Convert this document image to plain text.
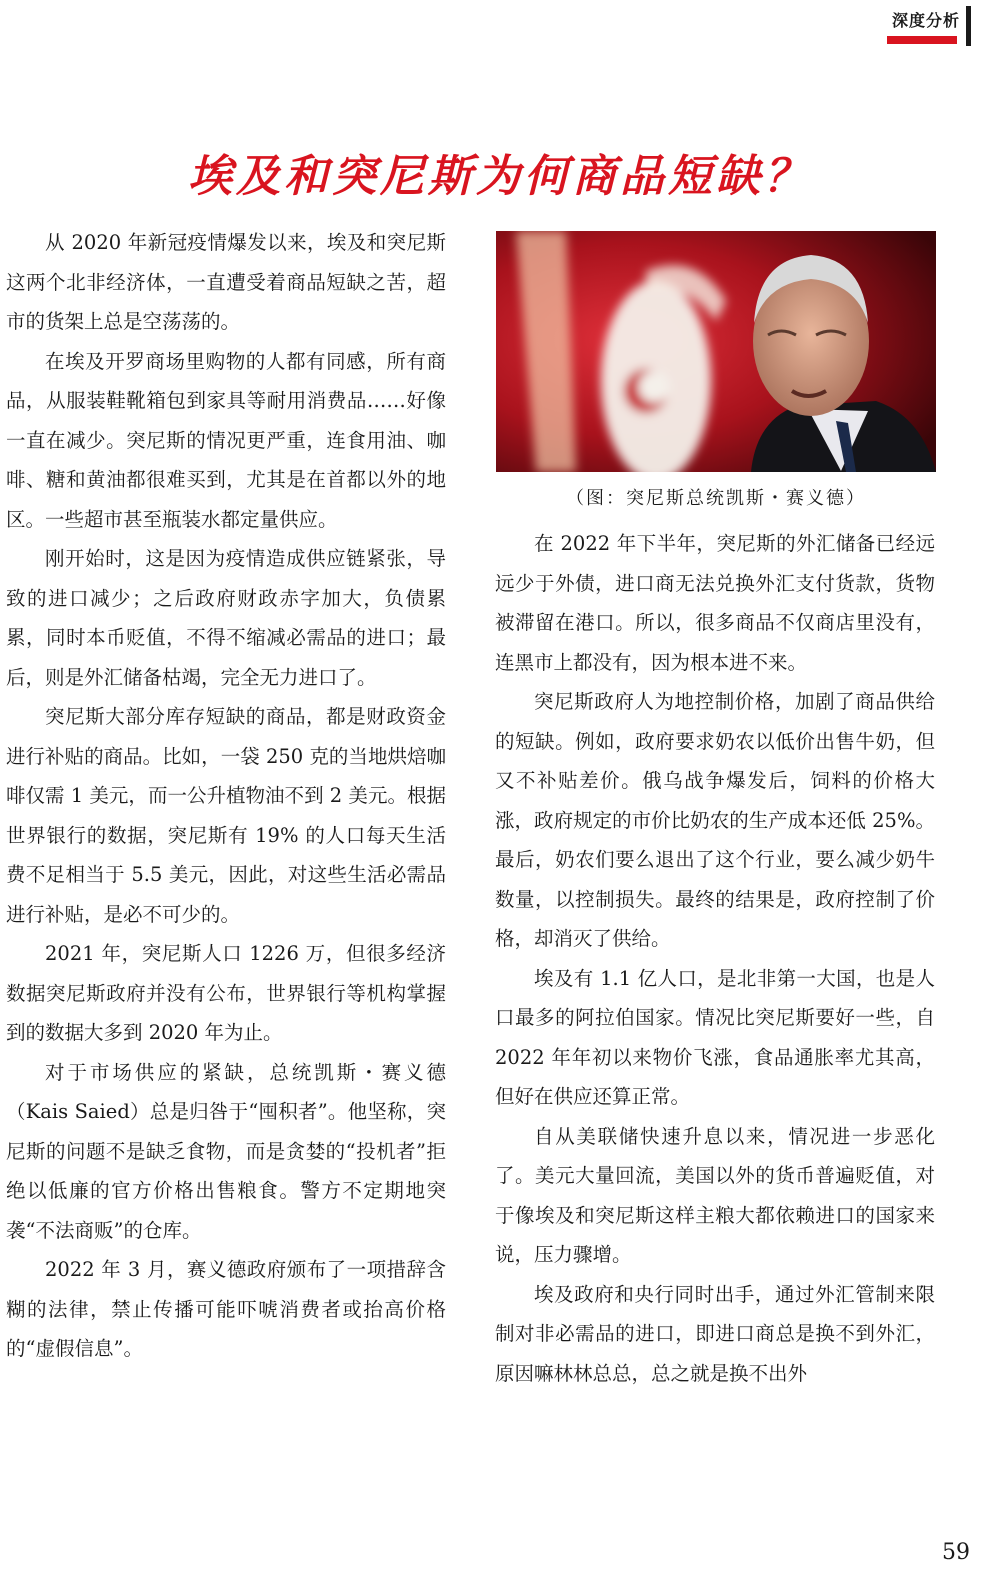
深度分析
埃及和突尼斯为何商品短缺？

从 2020 年新冠疫情爆发以来，埃及和突尼斯这两个北非经济体，一直遭受着商品短缺之苦，超市的货架上总是空荡荡的。

在埃及开罗商场里购物的人都有同感，所有商品，从服装鞋靴箱包到家具等耐用消费品……好像一直在减少。突尼斯的情况更严重，连食用油、咖啡、糖和黄油都很难买到，尤其是在首都以外的地区。一些超市甚至瓶装水都定量供应。

刚开始时，这是因为疫情造成供应链紧张，导致的进口减少；之后政府财政赤字加大，负债累累，同时本币贬值，不得不缩减必需品的进口；最后，则是外汇储备枯竭，完全无力进口了。

突尼斯大部分库存短缺的商品，都是财政资金进行补贴的商品。比如，一袋 250 克的当地烘焙咖啡仅需 1 美元，而一公升植物油不到 2 美元。根据世界银行的数据，突尼斯有 19% 的人口每天生活费不足相当于 5.5 美元，因此，对这些生活必需品进行补贴，是必不可少的。

2021 年，突尼斯人口 1226 万，但很多经济数据突尼斯政府并没有公布，世界银行等机构掌握到的数据大多到 2020 年为止。

对于市场供应的紧缺，总统凯斯・赛义德（Kais Saied）总是归咎于“囤积者”。他坚称，突尼斯的问题不是缺乏食物，而是贪婪的“投机者”拒绝以低廉的官方价格出售粮食。警方不定期地突袭“不法商贩”的仓库。

2022 年 3 月，赛义德政府颁布了一项措辞含糊的法律，禁止传播可能吓唬消费者或抬高价格的“虚假信息”。

（图：突尼斯总统凯斯・赛义德）

在 2022 年下半年，突尼斯的外汇储备已经远远少于外债，进口商无法兑换外汇支付货款，货物被滞留在港口。所以，很多商品不仅商店里没有，连黑市上都没有，因为根本进不来。

突尼斯政府人为地控制价格，加剧了商品供给的短缺。例如，政府要求奶农以低价出售牛奶，但又不补贴差价。俄乌战争爆发后，饲料的价格大涨，政府规定的市价比奶农的生产成本还低 25%。最后，奶农们要么退出了这个行业，要么减少奶牛数量，以控制损失。最终的结果是，政府控制了价格，却消灭了供给。

埃及有 1.1 亿人口，是北非第一大国，也是人口最多的阿拉伯国家。情况比突尼斯要好一些，自 2022 年年初以来物价飞涨，食品通胀率尤其高，但好在供应还算正常。

自从美联储快速升息以来，情况进一步恶化了。美元大量回流，美国以外的货币普遍贬值，对于像埃及和突尼斯这样主粮大都依赖进口的国家来说，压力骤增。

埃及政府和央行同时出手，通过外汇管制来限制对非必需品的进口，即进口商总是换不到外汇，原因嘛林林总总，总之就是换不出外

59
